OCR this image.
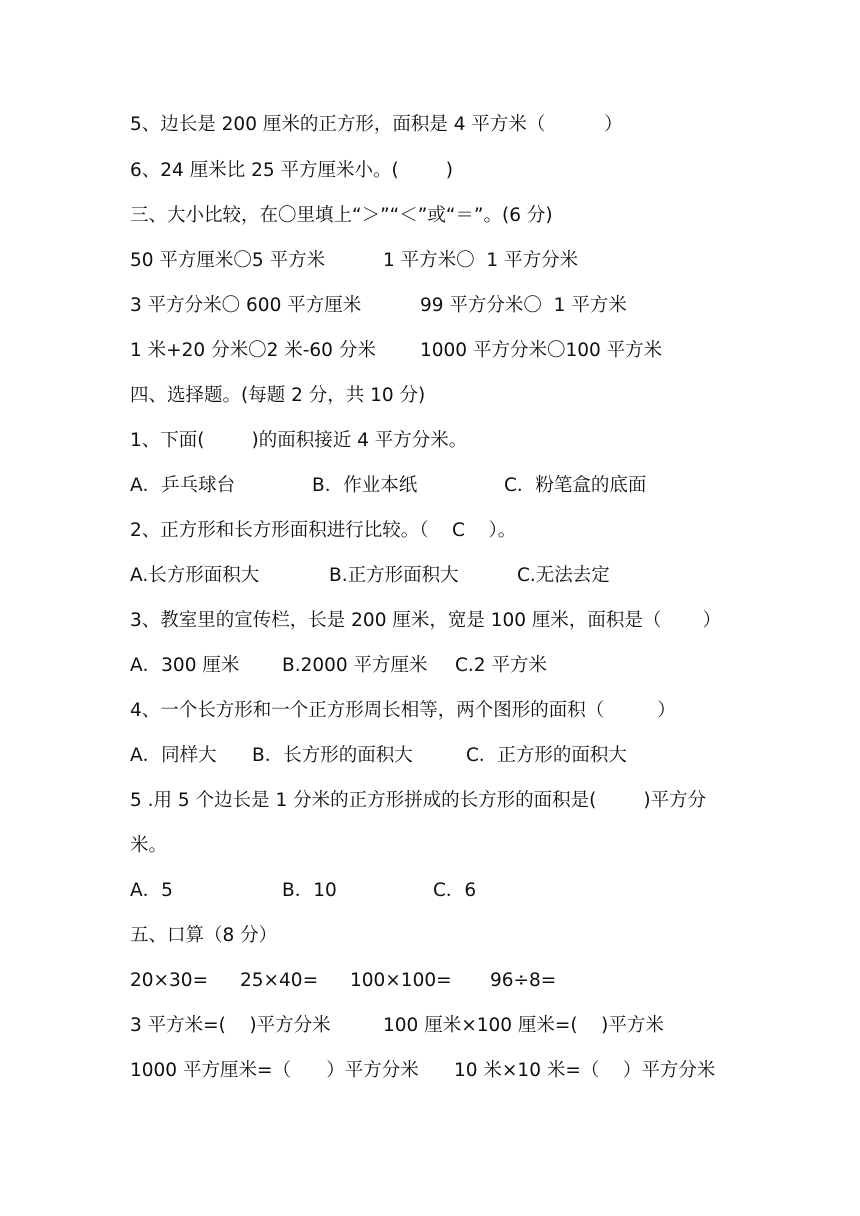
5、边长是 200 厘米的正方形，面积是 4 平方米（          ）

6、24 厘米比 25 平方厘米小。(        )

三、大小比较，在〇里填上“＞”“＜”或“＝”。(6 分)

50 平方厘米〇5 平方米

	1 平方米〇  1 平方分米

3 平方分米〇 600 平方厘米

	99 平方分米〇  1 平方米

1 米+20 分米〇2 米-60 分米

1000 平方分米〇100 平方米

四、选择题。(每题 2 分，共 10 分)

1、下面(        )的面积接近 4 平方分米。

A．乒乓球台

	B．作业本纸

	C．粉笔盒的底面

2、正方形和长方形面积进行比较。（    C    ）。

A.长方形面积大

	B.正方形面积大

	C.无法去定

3、教室里的宣传栏，长是 200 厘米，宽是 100 厘米，面积是（       ）

A．300 厘米

B.2000 平方厘米

C.2 平方米

4、一个长方形和一个正方形周长相等，两个图形的面积（         ）

A．同样大

B．长方形的面积大

	C．正方形的面积大

5 .用 5 个边长是 1 分米的正方形拼成的长方形的面积是(        )平方分

米。

A．5

	B．10

	C．6

五、口算（8 分）

20×30=

25×40=

100×100=

96÷8=

3 平方米=(    )平方分米

	100 厘米×100 厘米=(    )平方米

1000 平方厘米=（      ）平方分米

10 米×10 米=（    ）平方分米
